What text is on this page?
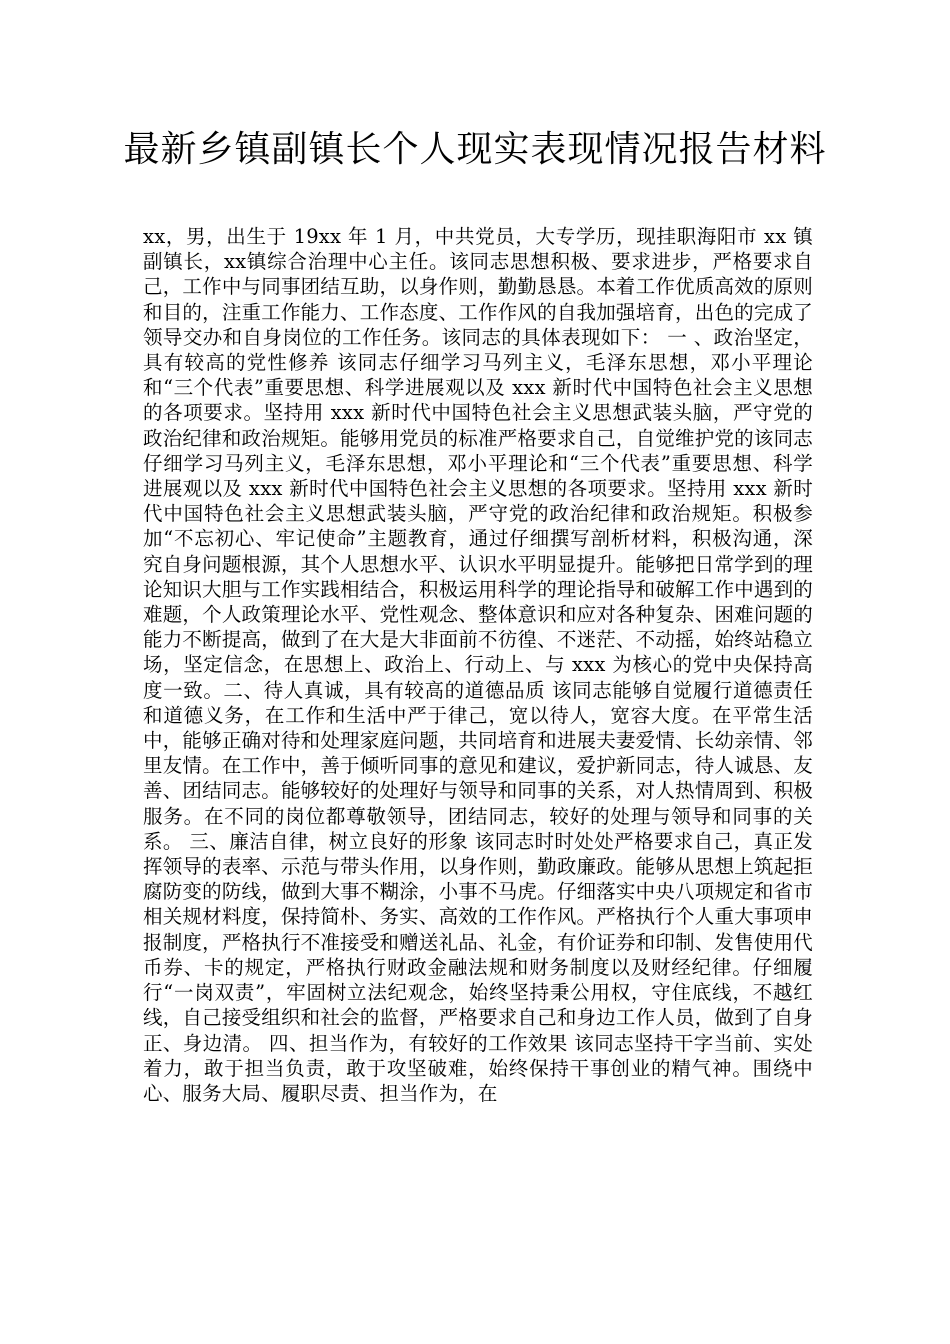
最新乡镇副镇长个人现实表现情况报告材料

xx，男，出生于 19xx 年 1 月，中共党员，大专学历，现挂职海阳市 xx 镇副镇长，xx镇综合治理中心主任。该同志思想积极、要求进步，严格要求自己，工作中与同事团结互助，以身作则，勤勤恳恳。本着工作优质高效的原则和目的，注重工作能力、工作态度、工作作风的自我加强培育，出色的完成了领导交办和自身岗位的工作任务。该同志的具体表现如下： 一 、政治坚定，具有较高的党性修养 该同志仔细学习马列主义，毛泽东思想，邓小平理论和“三个代表”重要思想、科学进展观以及 xxx 新时代中国特色社会主义思想的各项要求。坚持用 xxx 新时代中国特色社会主义思想武装头脑，严守党的政治纪律和政治规矩。能够用党员的标准严格要求自己，自觉维护党的该同志仔细学习马列主义，毛泽东思想，邓小平理论和“三个代表”重要思想、科学进展观以及 xxx 新时代中国特色社会主义思想的各项要求。坚持用 xxx 新时代中国特色社会主义思想武装头脑，严守党的政治纪律和政治规矩。积极参加“不忘初心、牢记使命”主题教育，通过仔细撰写剖析材料，积极沟通，深究自身问题根源，其个人思想水平、认识水平明显提升。能够把日常学到的理论知识大胆与工作实践相结合，积极运用科学的理论指导和破解工作中遇到的难题，个人政策理论水平、党性观念、整体意识和应对各种复杂、困难问题的能力不断提高，做到了在大是大非面前不彷徨、不迷茫、不动摇，始终站稳立场，坚定信念，在思想上、政治上、行动上、与 xxx 为核心的党中央保持高度一致。二、待人真诚，具有较高的道德品质 该同志能够自觉履行道德责任和道德义务，在工作和生活中严于律己，宽以待人，宽容大度。在平常生活中，能够正确对待和处理家庭问题，共同培育和进展夫妻爱情、长幼亲情、邻里友情。在工作中，善于倾听同事的意见和建议，爱护新同志，待人诚恳、友善、团结同志。能够较好的处理好与领导和同事的关系，对人热情周到、积极服务。在不同的岗位都尊敬领导，团结同志，较好的处理与领导和同事的关系。 三、廉洁自律，树立良好的形象 该同志时时处处严格要求自己，真正发挥领导的表率、示范与带头作用，以身作则，勤政廉政。能够从思想上筑起拒腐防变的防线，做到大事不糊涂，小事不马虎。仔细落实中央八项规定和省市相关规材料度，保持简朴、务实、高效的工作作风。严格执行个人重大事项申报制度，严格执行不准接受和赠送礼品、礼金，有价证券和印制、发售使用代币券、卡的规定，严格执行财政金融法规和财务制度以及财经纪律。仔细履行“一岗双责”，牢固树立法纪观念，始终坚持秉公用权，守住底线，不越红线，自己接受组织和社会的监督，严格要求自己和身边工作人员，做到了自身正、身边清。 四、担当作为，有较好的工作效果 该同志坚持干字当前、实处着力，敢于担当负责，敢于攻坚破难，始终保持干事创业的精气神。围绕中心、服务大局、履职尽责、担当作为，在
